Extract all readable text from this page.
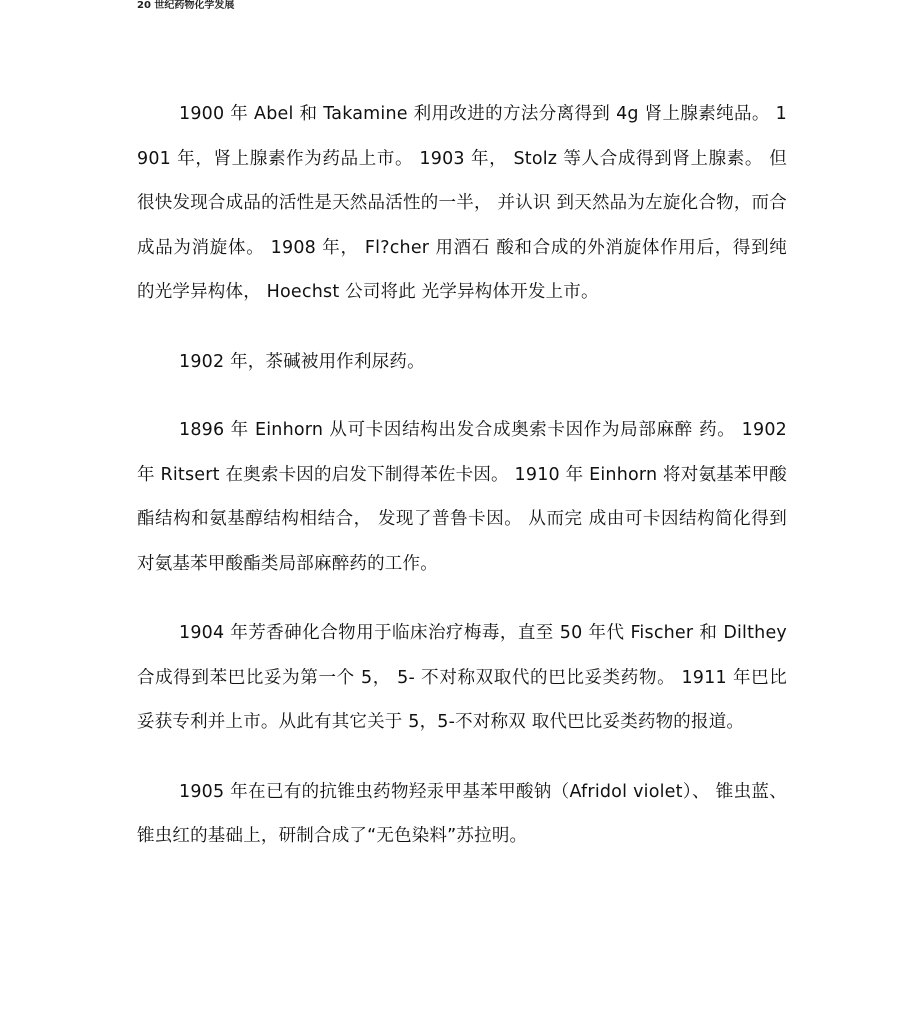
20 世纪药物化学发展

1900 年 Abel 和 Takamine 利用改进的方法分离得到 4g 肾上腺素纯品。 1901 年，肾上腺素作为药品上市。 1903 年， Stolz 等人合成得到肾上腺素。 但很快发现合成品的活性是天然品活性的一半， 并认识 到天然品为左旋化合物，而合成品为消旋体。 1908 年， Fl?cher 用酒石 酸和合成的外消旋体作用后，得到纯的光学异构体， Hoechst 公司将此 光学异构体开发上市。

1902 年，茶碱被用作利尿药。

1896 年 Einhorn 从可卡因结构出发合成奥索卡因作为局部麻醉 药。 1902 年 Ritsert 在奥索卡因的启发下制得苯佐卡因。 1910 年 Einhorn 将对氨基苯甲酸酯结构和氨基醇结构相结合， 发现了普鲁卡因。 从而完 成由可卡因结构简化得到对氨基苯甲酸酯类局部麻醉药的工作。

1904 年芳香砷化合物用于临床治疗梅毒，直至 50 年代 Fischer 和 Dilthey 合成得到苯巴比妥为第一个 5， 5- 不对称双取代的巴比妥类药物。 1911 年巴比妥获专利并上市。从此有其它关于 5，5-不对称双 取代巴比妥类药物的报道。

1905 年在已有的抗锥虫药物羟汞甲基苯甲酸钠（Afridol violet）、 锥虫蓝、锥虫红的基础上，研制合成了“无色染料”苏拉明。
